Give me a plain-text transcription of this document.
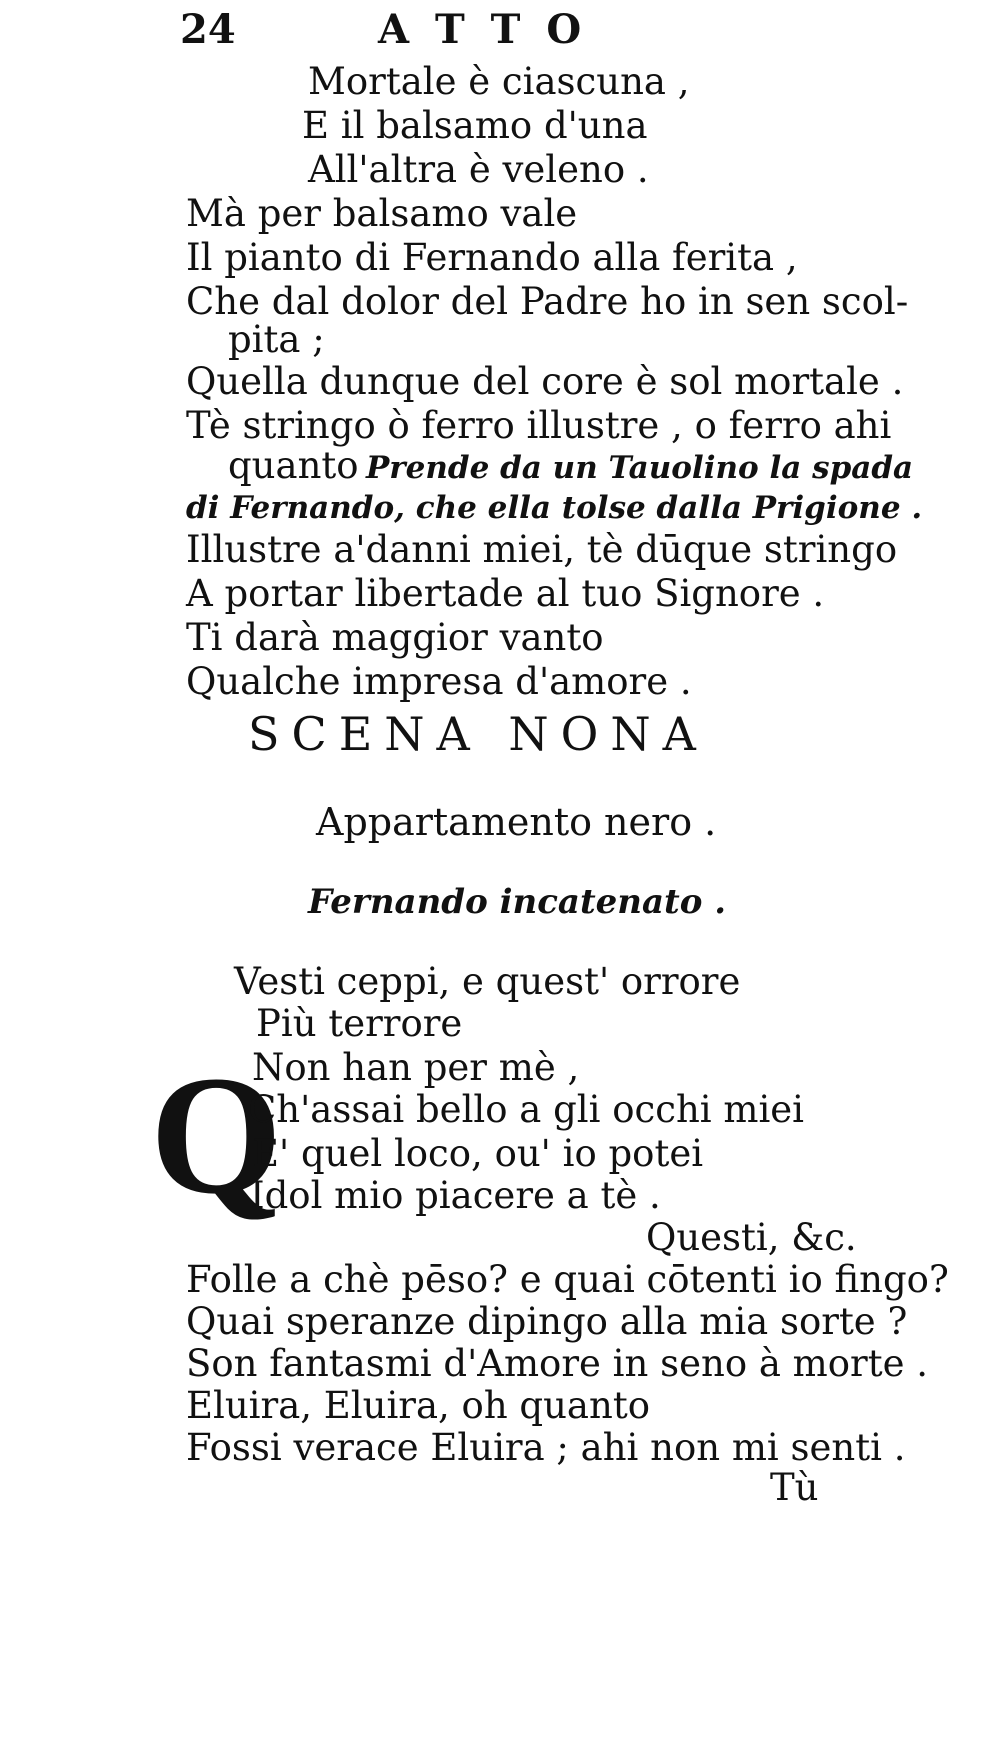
24	A T T O
Mortale è ciascuna ,
E il balsamo d'una
All'altra è veleno .
Mà per balsamo vale
Il pianto di Fernando alla ferita ,
Che dal dolor del Padre ho in sen scol-
pita ;
Quella dunque del core è sol mortale .
Tè stringo ò ferro illustre , o ferro ahi
quanto Prende da un Tauolino la spada
di Fernando, che ella tolse dalla Prigione .
Illustre a'danni miei, tè dūque stringo
A portar libertade al tuo Signore .
Ti darà maggior vanto
Qualche impresa d'amore .
SCENA NONA
Appartamento nero .
Fernando incatenato .
Q
Vesti ceppi, e quest' orrore
Più terrore
Non han per mè ,
Ch'assai bello a gli occhi miei
E' quel loco, ou' io potei
Idol mio piacere a tè .
Questi, &c.
Folle a chè pēso? e quai cōtenti io fingo?
Quai speranze dipingo alla mia sorte ?
Son fantasmi d'Amore in seno à morte .
Eluira, Eluira, oh quanto
Fossi verace Eluira ; ahi non mi senti .
Tù
